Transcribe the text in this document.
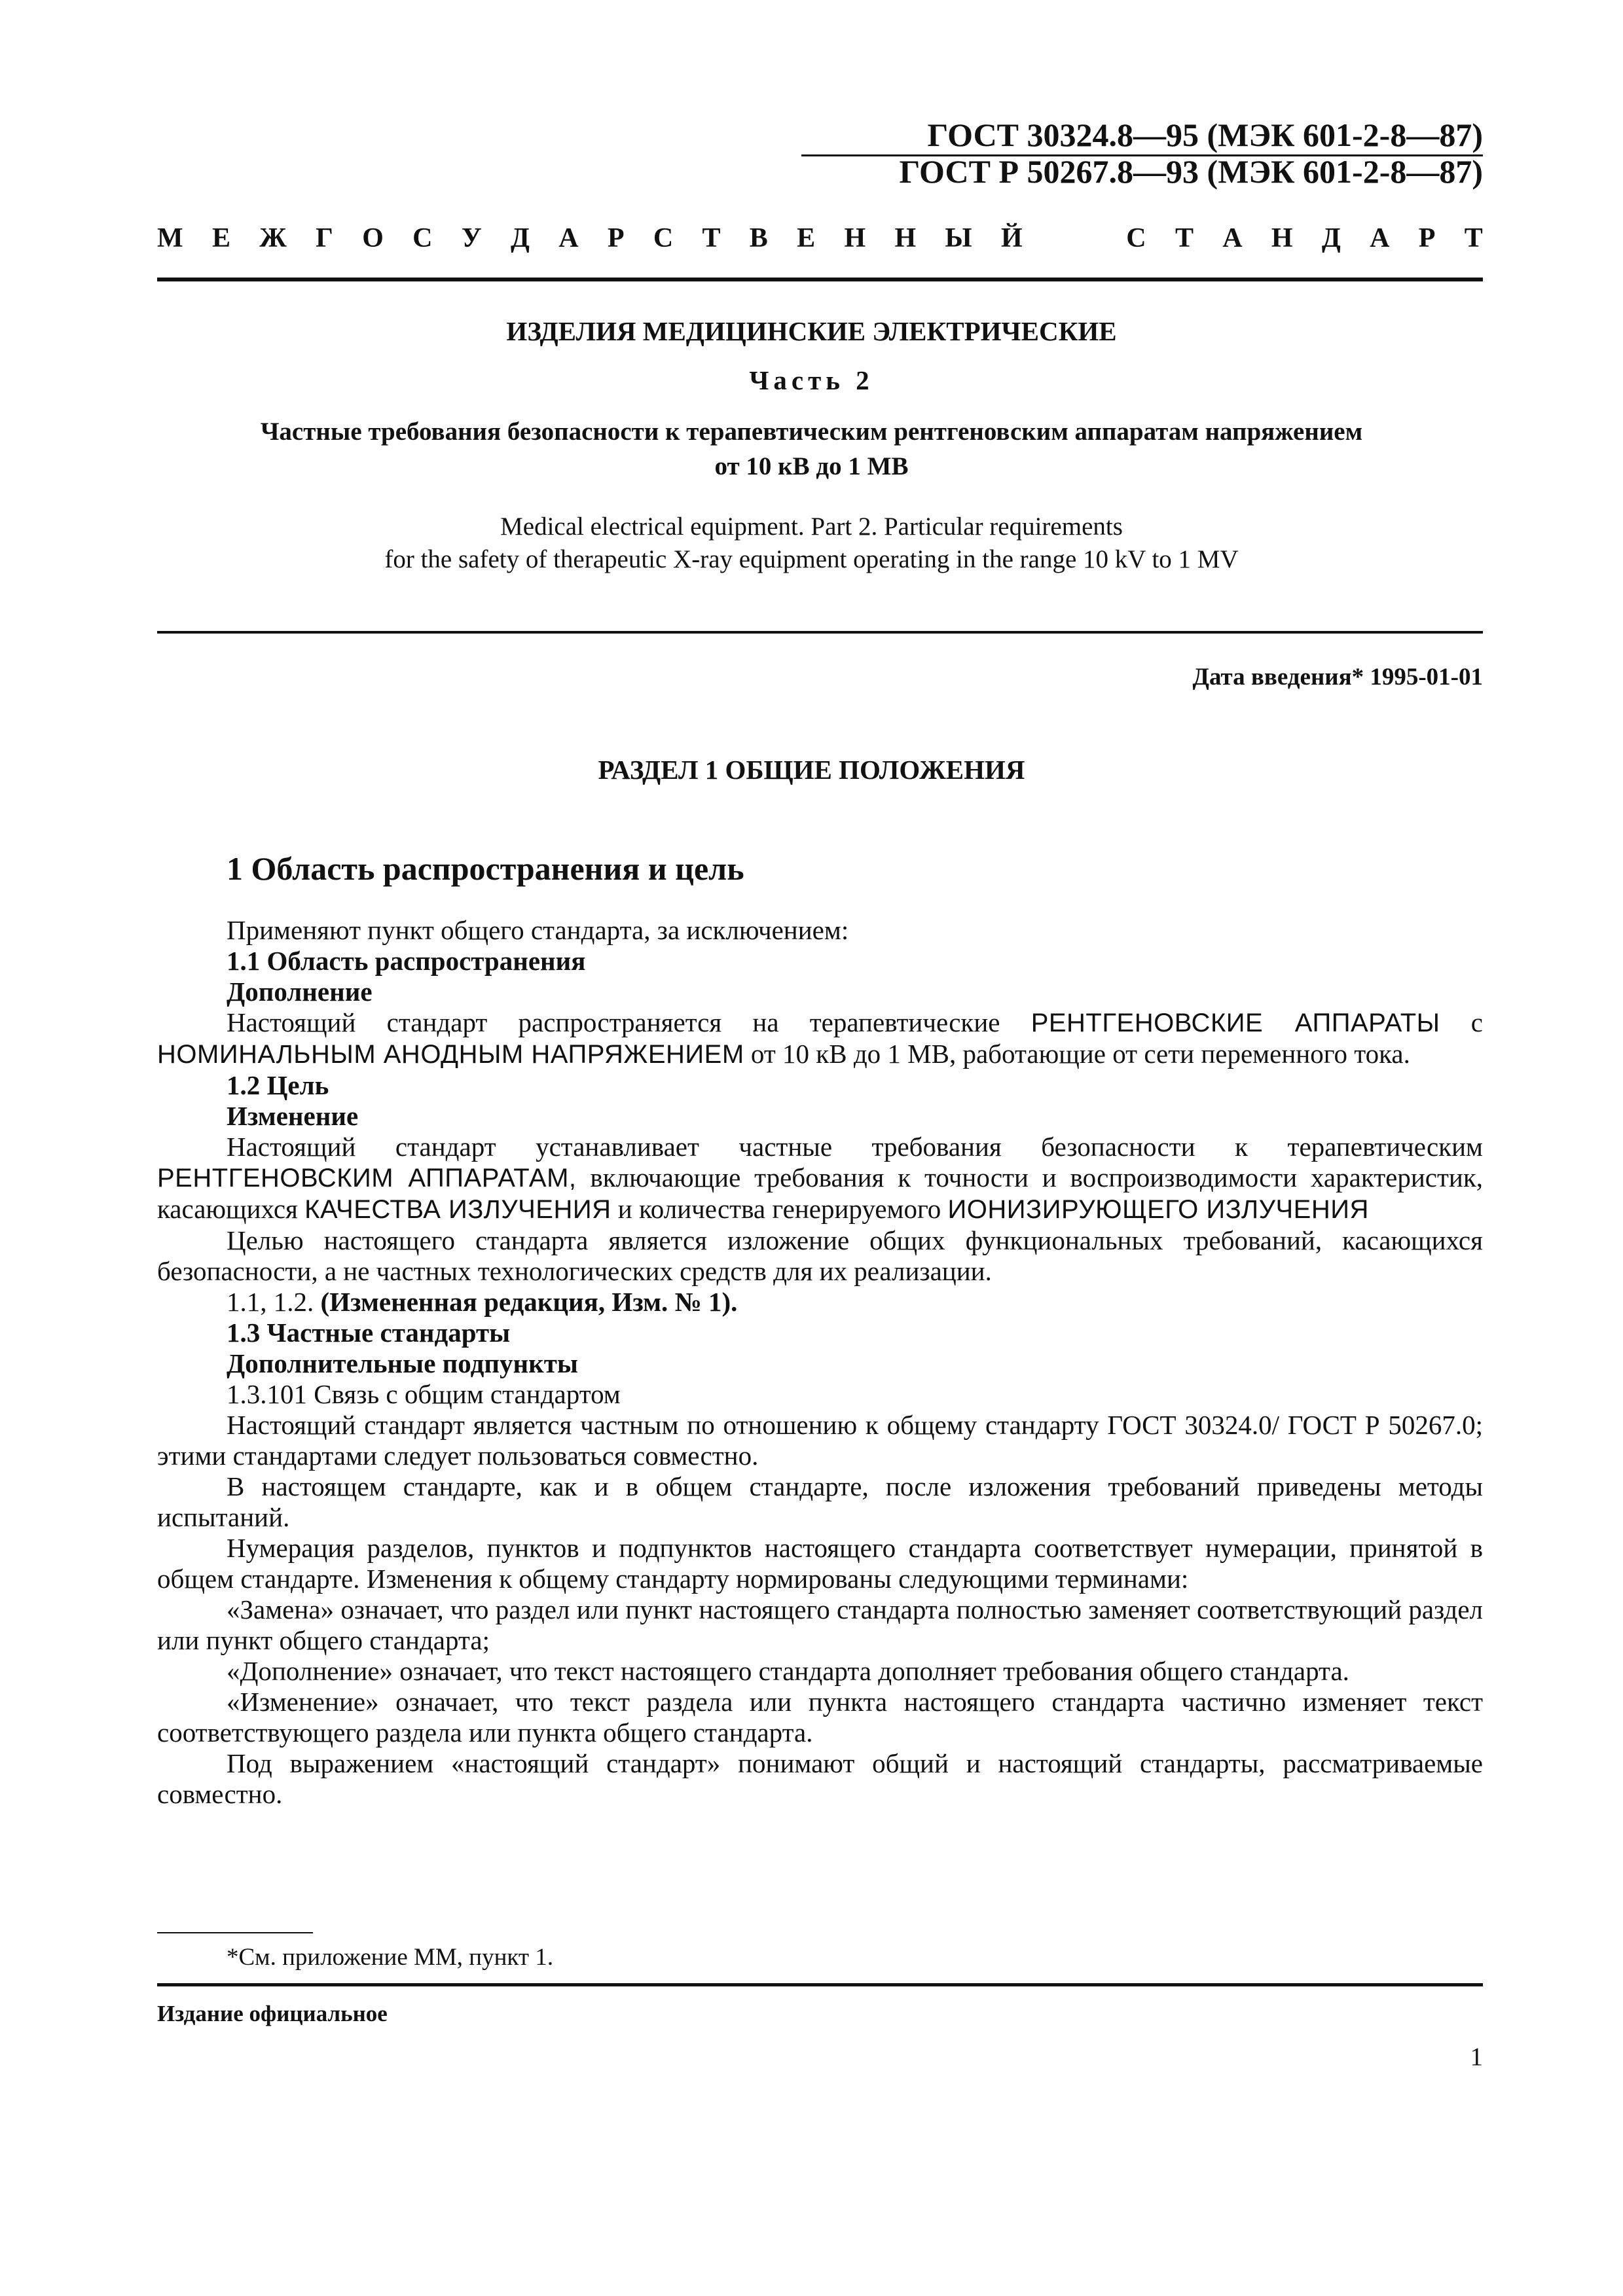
ГОСТ 30324.8—95 (МЭК 601-2-8—87)
ГОСТ Р 50267.8—93 (МЭК 601-2-8—87)
М Е Ж Г О С У Д А Р С Т В Е Н Н Ы Й	С Т А Н Д А Р Т
ИЗДЕЛИЯ МЕДИЦИНСКИЕ ЭЛЕКТРИЧЕСКИЕ
Часть 2
Частные требования безопасности к терапевтическим рентгеновским аппаратам напряжением
от 10 кВ до 1 МВ
Medical electrical equipment. Part 2. Particular requirements
for the safety of therapeutic X-ray equipment operating in the range 10 kV to 1 MV
Дата введения* 1995-01-01
РАЗДЕЛ 1 ОБЩИЕ ПОЛОЖЕНИЯ
1 Область распространения и цель

Применяют пункт общего стандарта, за исключением:

1.1 Область распространения

Дополнение

Настоящий стандарт распространяется на терапевтические РЕНТГЕНОВСКИЕ АППАРАТЫ с НОМИНАЛЬНЫМ АНОДНЫМ НАПРЯЖЕНИЕМ от 10 кВ до 1 МВ, работающие от сети переменного тока.

1.2 Цель

Изменение

Настоящий стандарт устанавливает частные требования безопасности к терапевтическим РЕНТГЕНОВСКИМ АППАРАТАМ, включающие требования к точности и воспроизводимости характеристик, касающихся КАЧЕСТВА ИЗЛУЧЕНИЯ и количества генерируемого ИОНИЗИРУЮЩЕГО ИЗЛУЧЕНИЯ

Целью настоящего стандарта является изложение общих функциональных требований, касающихся безопасности, а не частных технологических средств для их реализации.

1.1, 1.2. (Измененная редакция, Изм. № 1).

1.3 Частные стандарты

Дополнительные подпункты

1.3.101 Связь с общим стандартом

Настоящий стандарт является частным по отношению к общему стандарту ГОСТ 30324.0/ ГОСТ Р 50267.0; этими стандартами следует пользоваться совместно.

В настоящем стандарте, как и в общем стандарте, после изложения требований приведены методы испытаний.

Нумерация разделов, пунктов и подпунктов настоящего стандарта соответствует нумерации, принятой в общем стандарте. Изменения к общему стандарту нормированы следующими терминами:

«Замена» означает, что раздел или пункт настоящего стандарта полностью заменяет соответствующий раздел или пункт общего стандарта;

«Дополнение» означает, что текст настоящего стандарта дополняет требования общего стандарта.

«Изменение» означает, что текст раздела или пункта настоящего стандарта частично изменяет текст соответствующего раздела или пункта общего стандарта.

Под выражением «настоящий стандарт» понимают общий и настоящий стандарты, рассматриваемые совместно.

*См. приложение ММ, пункт 1.
Издание официальное
1
